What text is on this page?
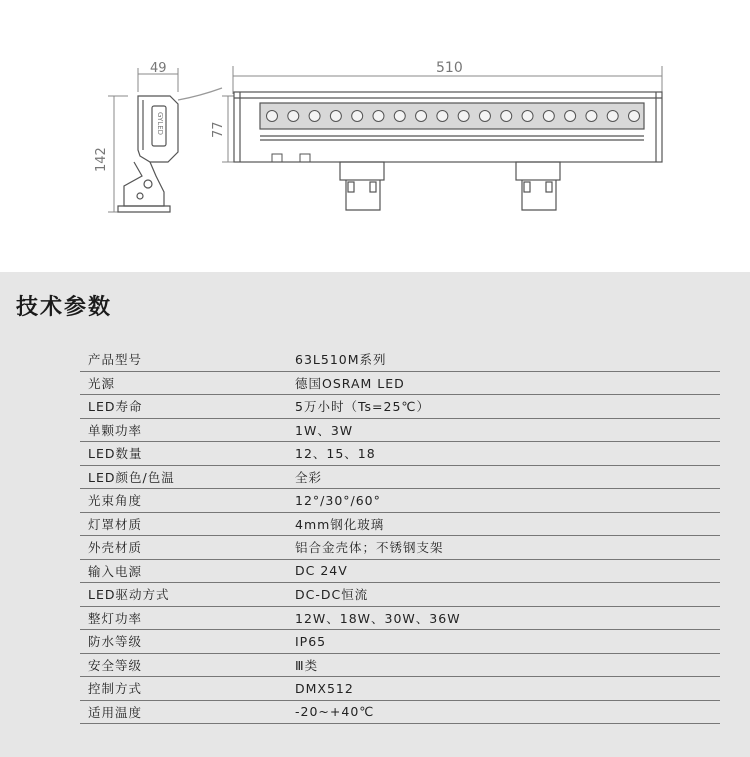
49
142
GYLED
510
77
技术参数
产品型号	63L510M系列
光源	德国OSRAM LED
LED寿命	5万小时（Ts=25℃）
单颗功率	1W、3W
LED数量	12、15、18
LED颜色/色温	全彩
光束角度	12°/30°/60°
灯罩材质	4mm钢化玻璃
外壳材质	铝合金壳体；不锈钢支架
输入电源	DC 24V
LED驱动方式	DC-DC恒流
整灯功率	12W、18W、30W、36W
防水等级	IP65
安全等级	Ⅲ类
控制方式	DMX512
适用温度	-20~+40℃
